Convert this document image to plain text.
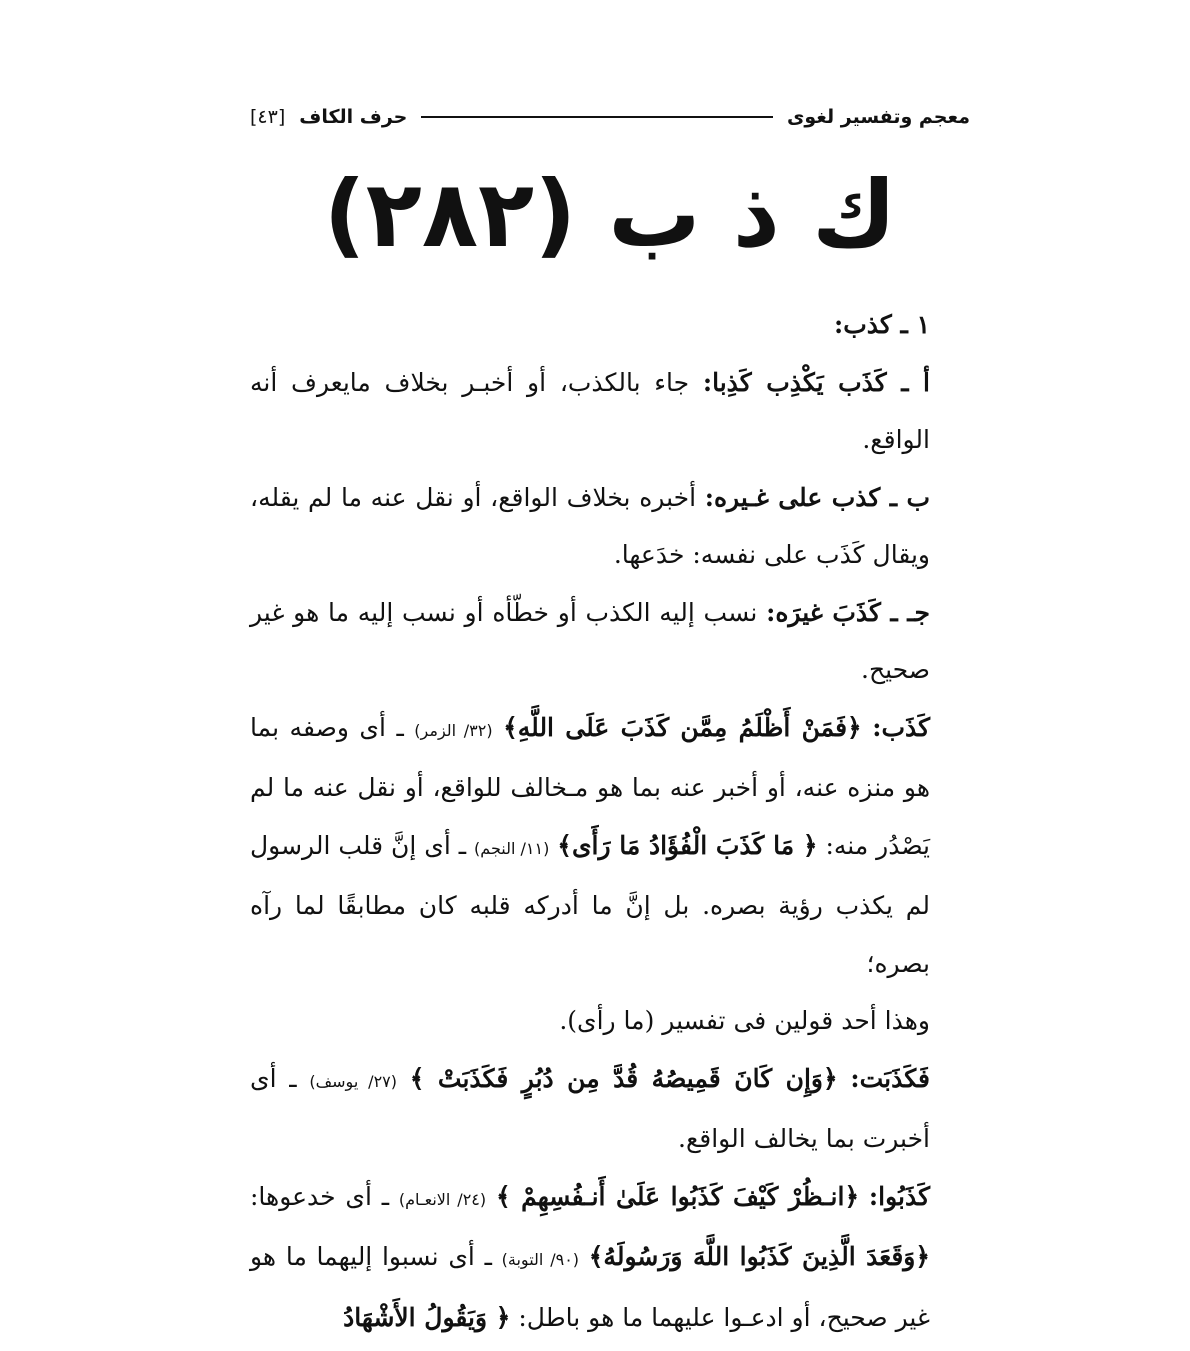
معجم وتفسير لغوى
حرف الكاف
[٤٣]
ك ذ ب (٢٨٢)

١ ـ كذب:

أ ـ كَذَب يَكْذِب كَذِبا: جاء بالكذب، أو أخبـر بخلاف مايعرف أنه الواقع.

ب ـ كذب على غـيره: أخبره بخلاف الواقع، أو نقل عنه ما لم يقله، ويقال كَذَب على نفسه: خدَعها.

جـ ـ كَذَبَ غيرَه: نسب إليه الكذب أو خطّأه أو نسب إليه ما هو غير صحيح.

كَذَب: ﴿فَمَنْ أَظْلَمُ مِمَّن كَذَبَ عَلَى اللَّهِ﴾ (٣٢/ الزمر) ـ أى وصفه بما هو منزه عنه، أو أخبر عنه بما هو مـخالف للواقع، أو نقل عنه ما لم يَصْدُر منه: ﴿ مَا كَذَبَ الْفُؤَادُ مَا رَأَى﴾ (١١/ النجم) ـ أى إنَّ قلب الرسول لم يكذب رؤية بصره. بل إنَّ ما أدركه قلبه كان مطابقًا لما رآه بصره؛

وهذا أحد قولين فى تفسير (ما رأى).

فَكَذَبَت: ﴿وَإِن كَانَ قَمِيصُهُ قُدَّ مِن دُبُرٍ فَكَذَبَتْ ﴾ (٢٧/ يوسف) ـ أى أخبرت بما يخالف الواقع.

كَذَبُوا: ﴿انـظُرْ كَيْفَ كَذَبُوا عَلَىٰ أَنـفُسِهِمْ ﴾ (٢٤/ الانعـام) ـ أى خدعوها: ﴿وَقَعَدَ الَّذِينَ كَذَبُوا اللَّهَ وَرَسُولَهُ﴾ (٩٠/ التوبة) ـ أى نسبوا إليهما ما هو غير صحيح، أو ادعـوا عليهما ما هو باطل: ﴿ وَيَقُولُ الأَشْهَادُ
